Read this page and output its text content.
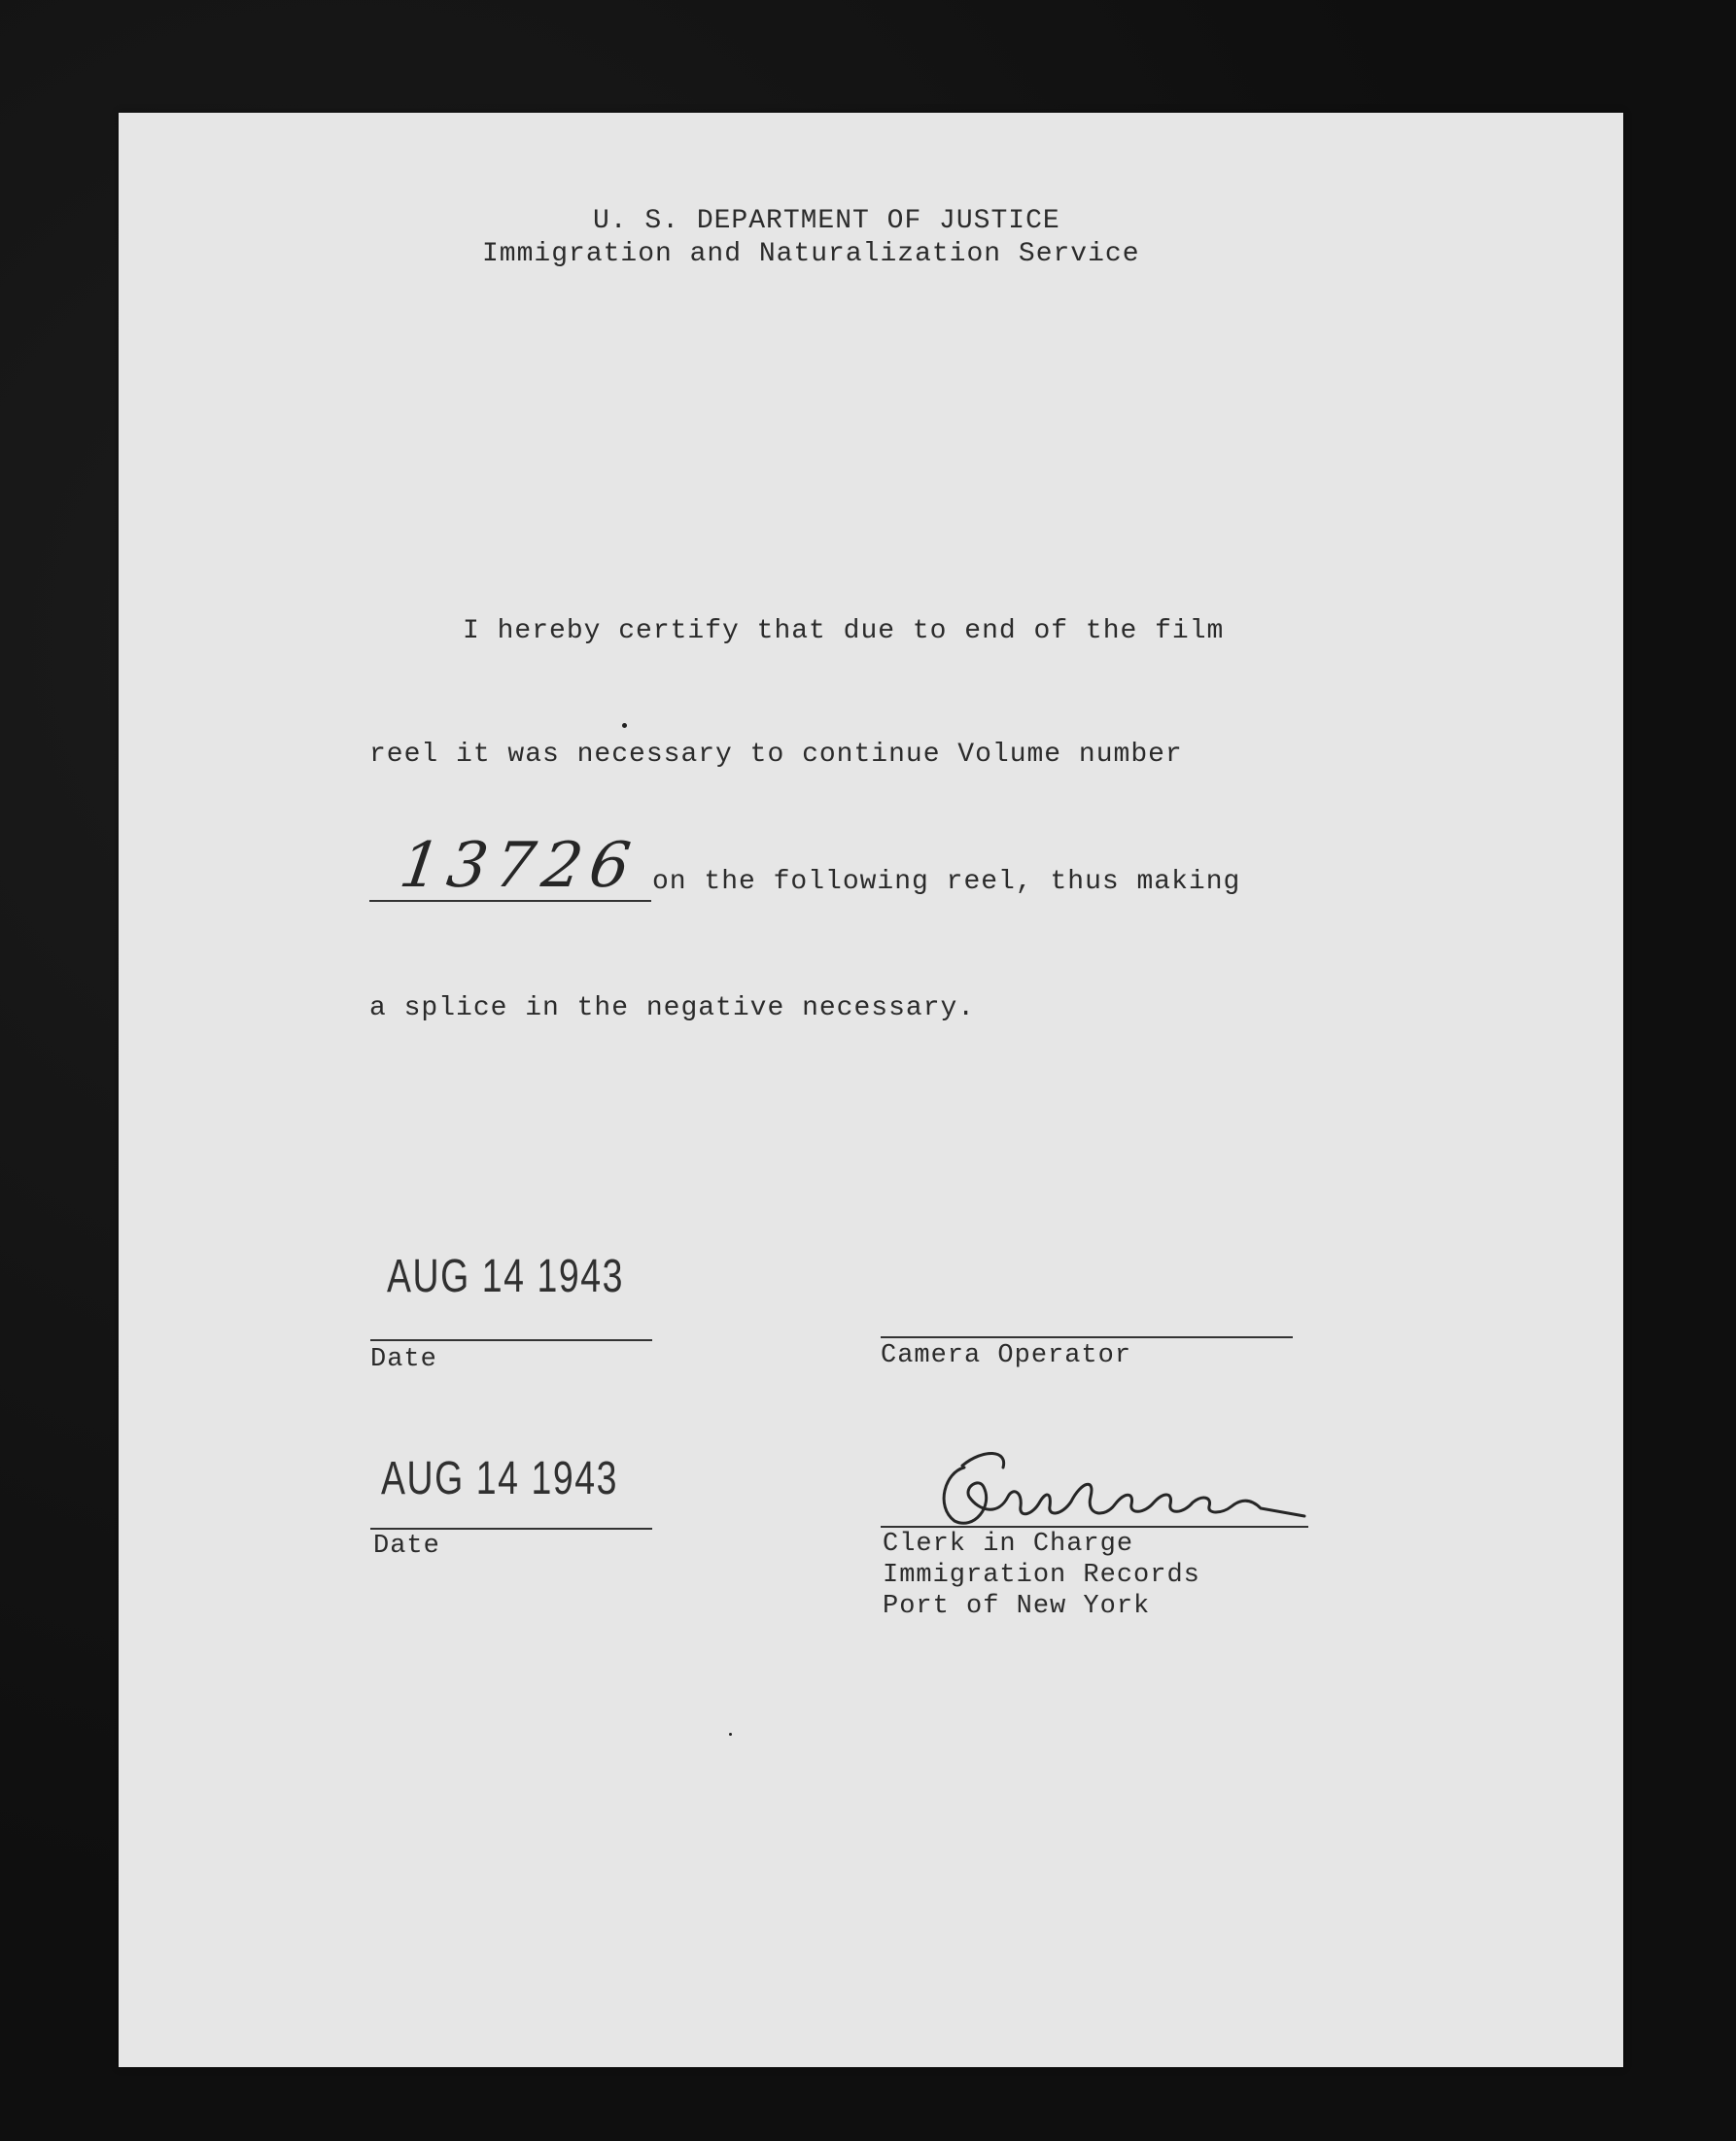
U. S. DEPARTMENT OF JUSTICE
Immigration and Naturalization Service
I hereby certify that due to end of the film
reel it was necessary to continue Volume number
13726 on the following reel, thus making
a splice in the negative necessary.
AUG 14 1943
Date	Camera Operator
AUG 14 1943
Date	Clerk in Charge
Immigration Records
Port of New York
